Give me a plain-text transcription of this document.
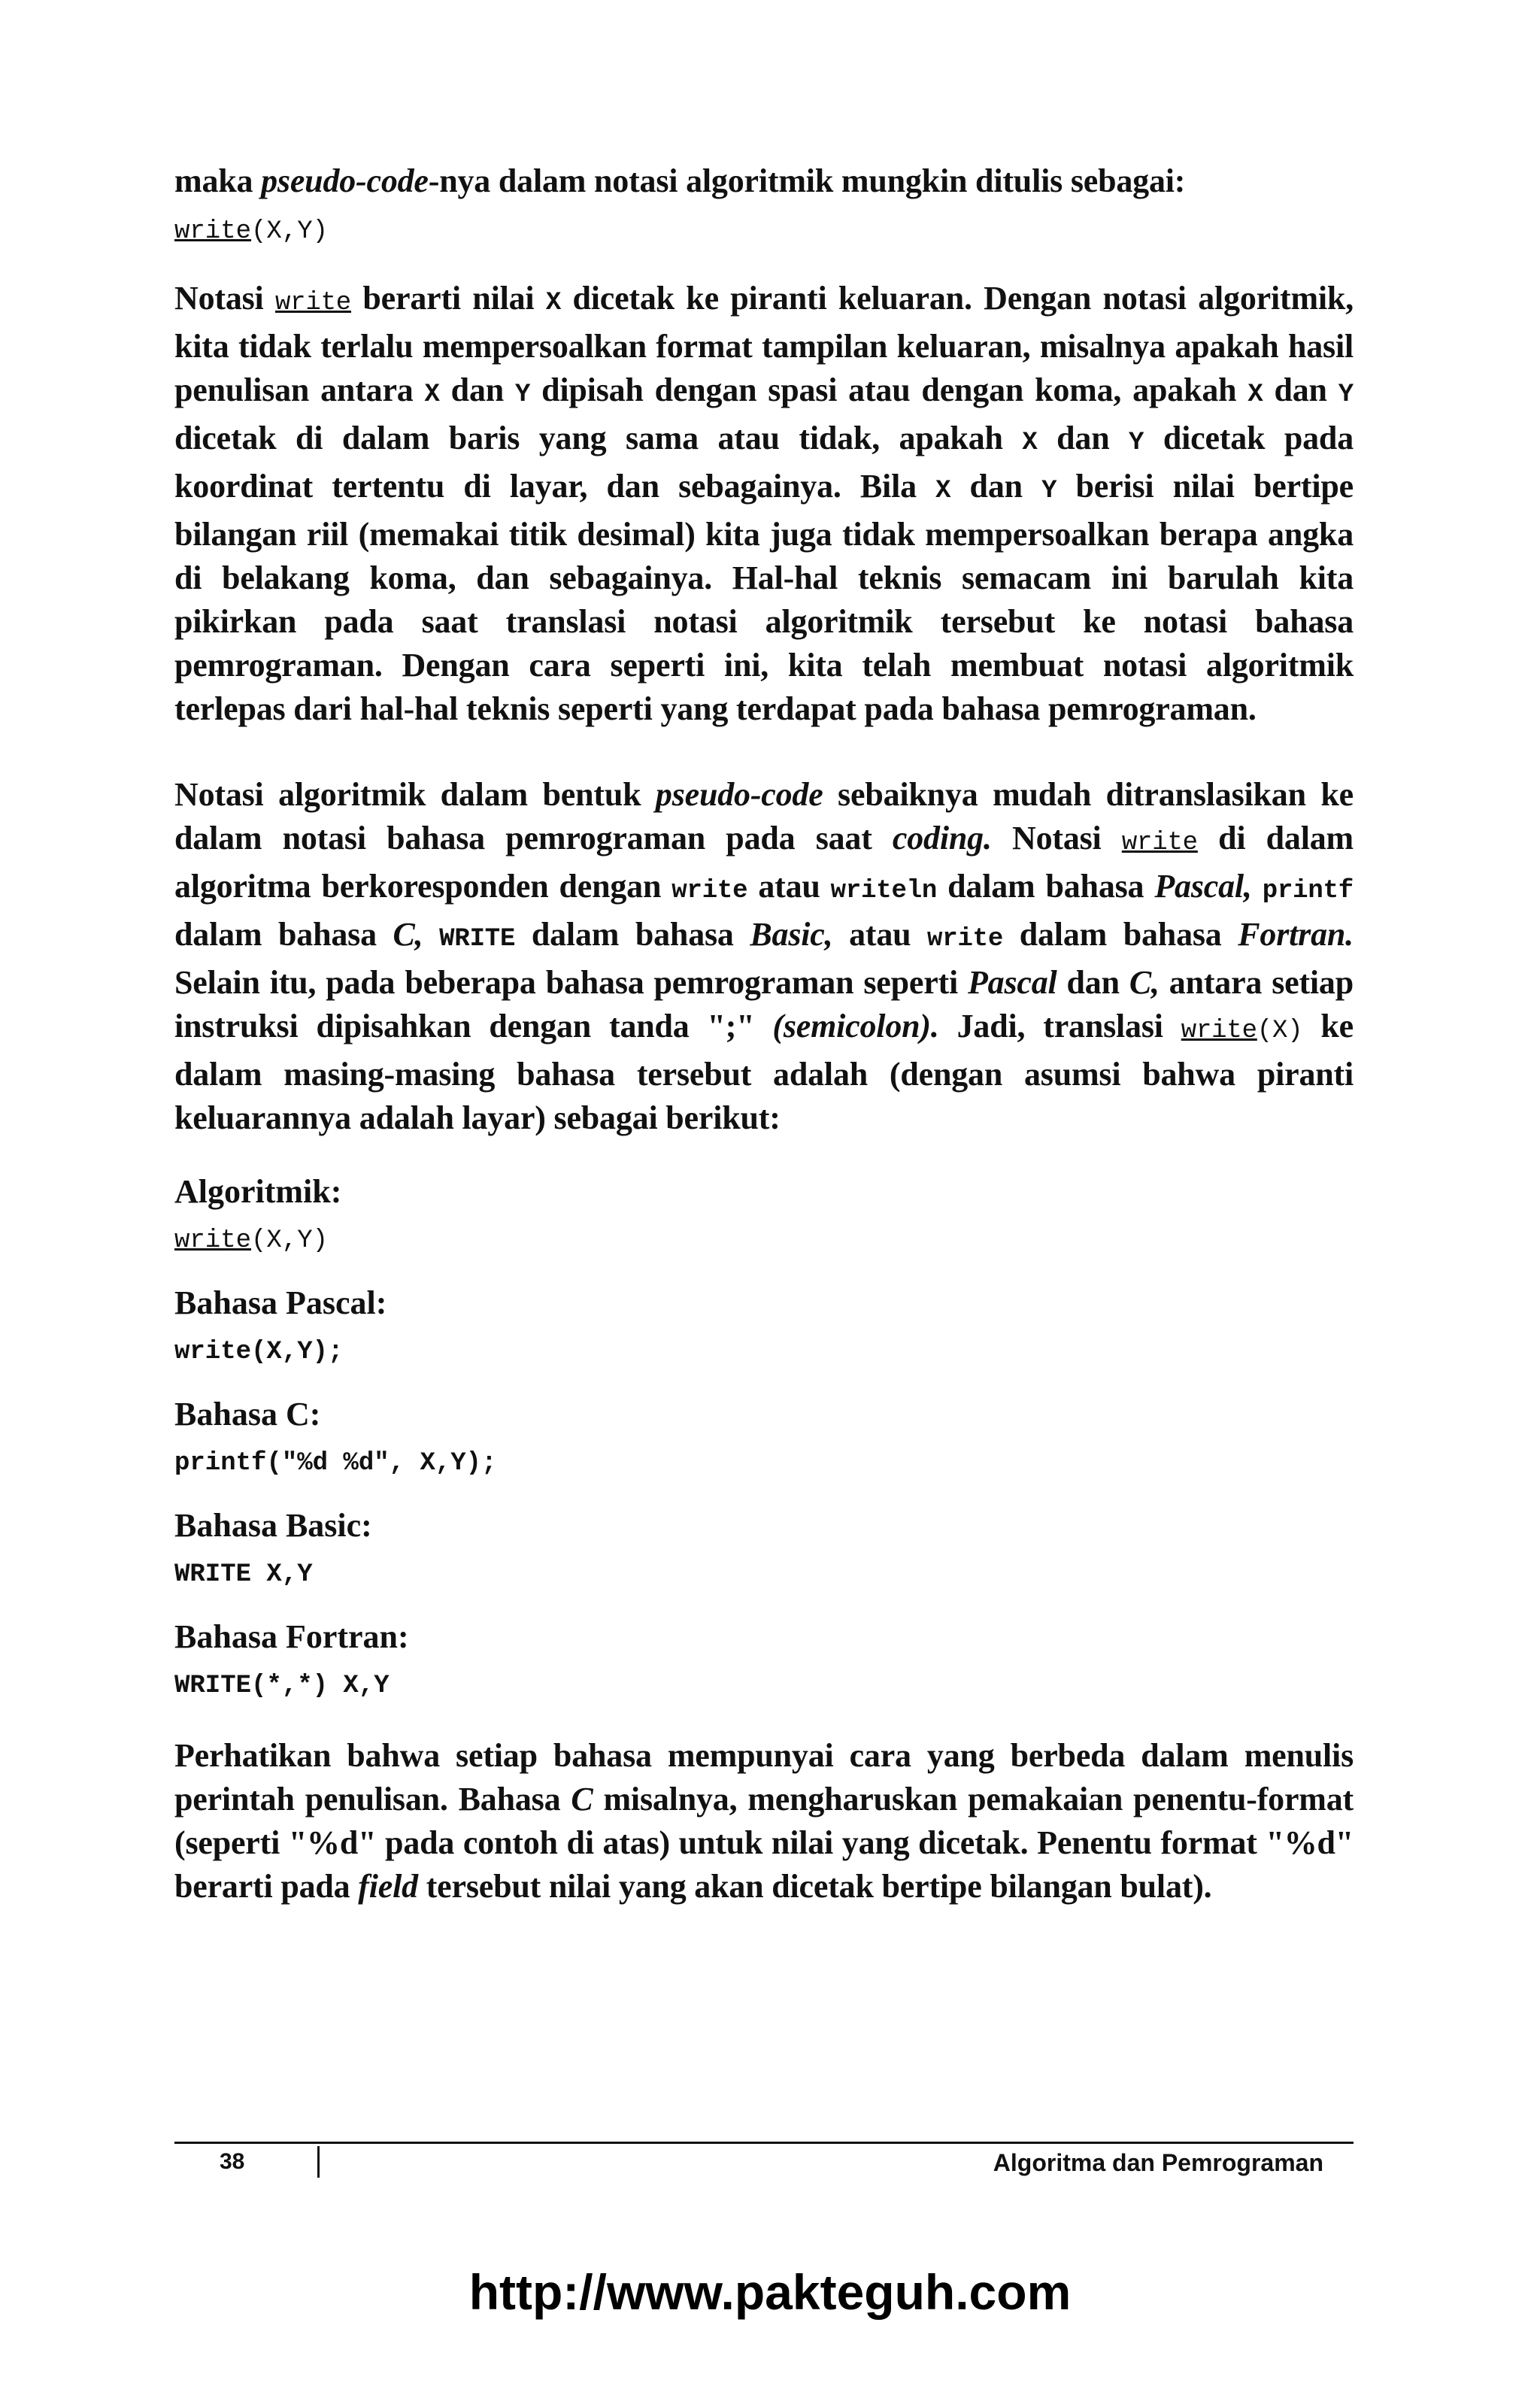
maka pseudo-code-nya dalam notasi algoritmik mungkin ditulis sebagai:

write(X,Y)

Notasi write berarti nilai X dicetak ke piranti keluaran. Dengan notasi algoritmik, kita tidak terlalu mempersoalkan format tampilan keluaran, misalnya apakah hasil penulisan antara X dan Y dipisah dengan spasi atau dengan koma, apakah X dan Y dicetak di dalam baris yang sama atau tidak, apakah X dan Y dicetak pada koordinat tertentu di layar, dan sebagainya. Bila X dan Y berisi nilai bertipe bilangan riil (memakai titik desimal) kita juga tidak mempersoalkan berapa angka di belakang koma, dan sebagainya. Hal-hal teknis semacam ini barulah kita pikirkan pada saat translasi notasi algoritmik tersebut ke notasi bahasa pemrograman. Dengan cara seperti ini, kita telah membuat notasi algoritmik terlepas dari hal-hal teknis seperti yang terdapat pada bahasa pemrograman.

Notasi algoritmik dalam bentuk pseudo-code sebaiknya mudah ditranslasikan ke dalam notasi bahasa pemrograman pada saat coding. Notasi write di dalam algoritma berkoresponden dengan write atau writeln dalam bahasa Pascal, printf dalam bahasa C, WRITE dalam bahasa Basic, atau write dalam bahasa Fortran. Selain itu, pada beberapa bahasa pemrograman seperti Pascal dan C, antara setiap instruksi dipisahkan dengan tanda ";" (semicolon). Jadi, translasi write(X) ke dalam masing-masing bahasa tersebut adalah (dengan asumsi bahwa piranti keluarannya adalah layar) sebagai berikut:

Algoritmik:
write(X,Y)
Bahasa Pascal:
write(X,Y);
Bahasa C:
printf("%d %d", X,Y);
Bahasa Basic:
WRITE X,Y
Bahasa Fortran:
WRITE(*,*) X,Y

Perhatikan bahwa setiap bahasa mempunyai cara yang berbeda dalam menulis perintah penulisan. Bahasa C misalnya, mengharuskan pemakaian penentu-format (seperti "%d" pada contoh di atas) untuk nilai yang dicetak. Penentu format "%d" berarti pada field tersebut nilai yang akan dicetak bertipe bilangan bulat).

38	Algoritma dan Pemrograman
http://www.pakteguh.com
